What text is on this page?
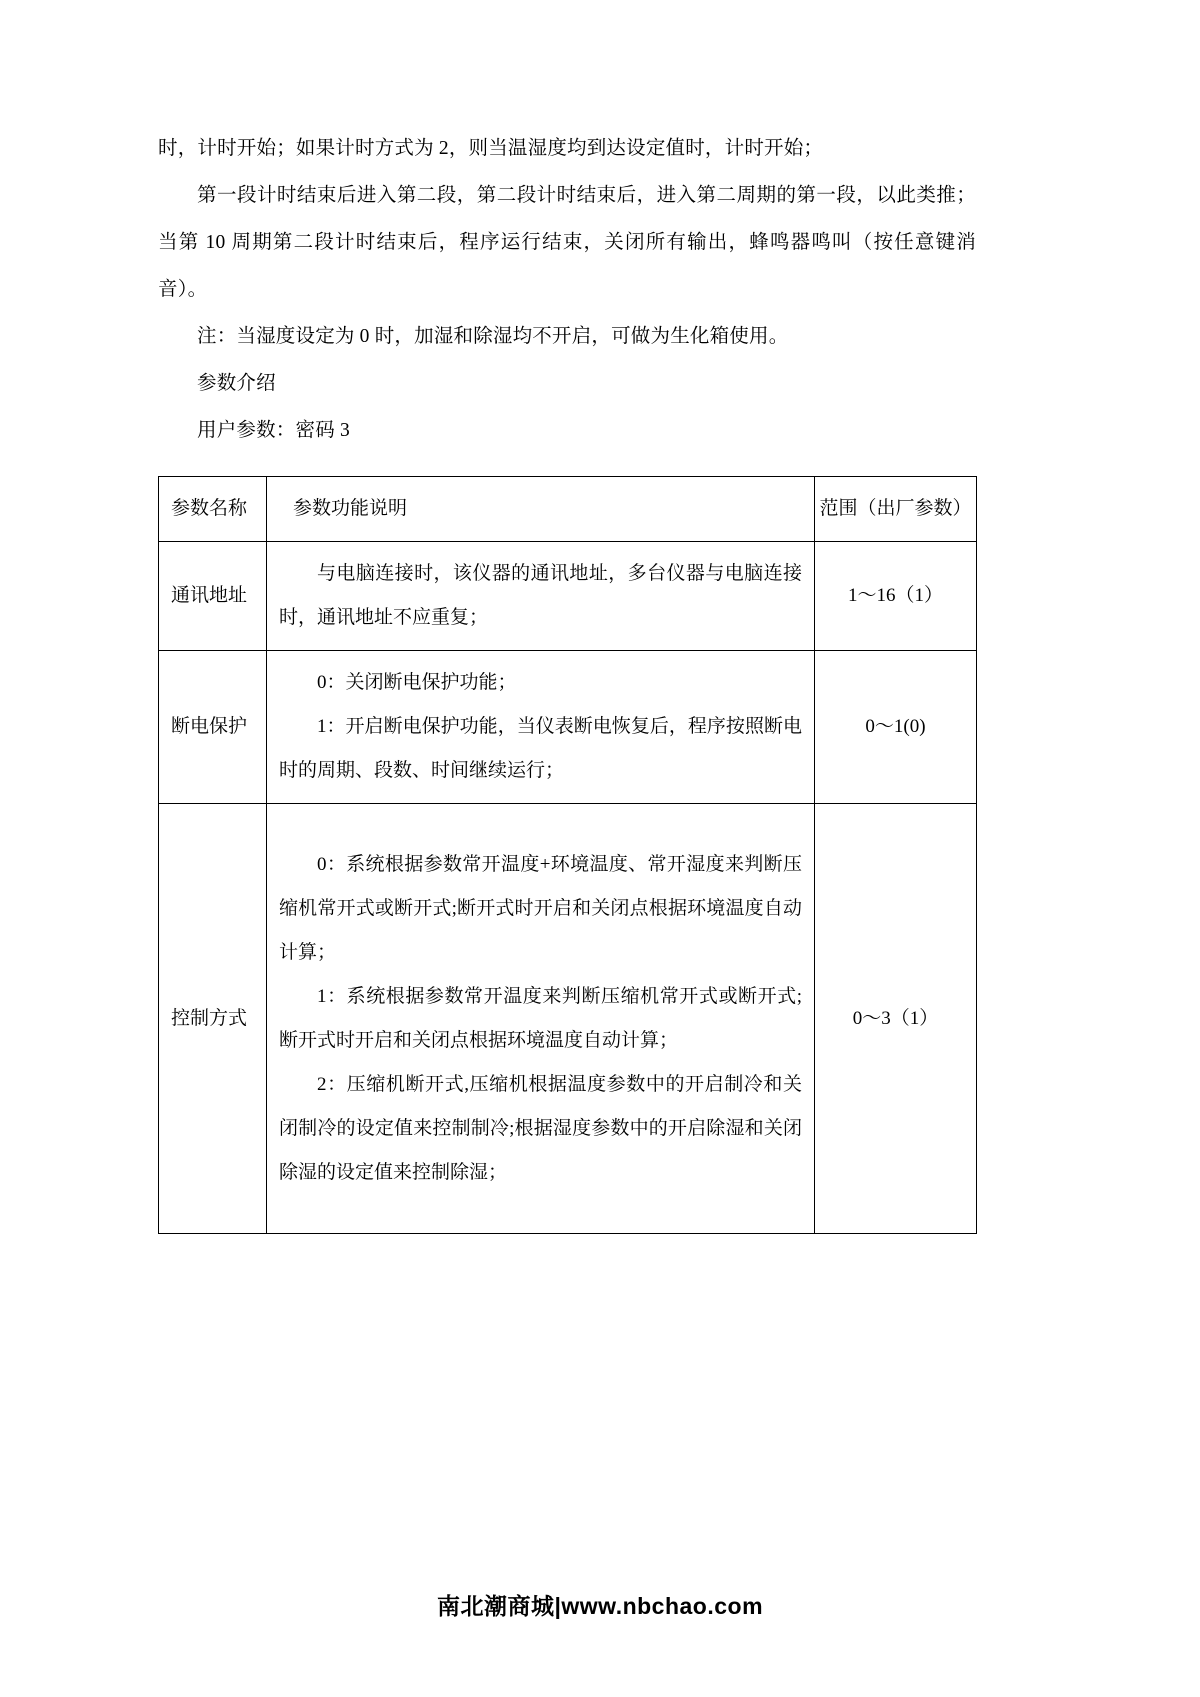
时，计时开始；如果计时方式为 2，则当温湿度均到达设定值时，计时开始；

第一段计时结束后进入第二段，第二段计时结束后，进入第二周期的第一段，以此类推；当第 10 周期第二段计时结束后，程序运行结束，关闭所有输出，蜂鸣器鸣叫（按任意键消音）。

注：当湿度设定为 0 时，加湿和除湿均不开启，可做为生化箱使用。

参数介绍

用户参数：密码 3

参数名称	参数功能说明	范围（出厂参数）
通讯地址	与电脑连接时，该仪器的通讯地址，多台仪器与电脑连接时，通讯地址不应重复；	1～16（1）
断电保护	0：关闭断电保护功能；
1：开启断电保护功能，当仪表断电恢复后，程序按照断电时的周期、段数、时间继续运行；	0～1(0)
控制方式	0：系统根据参数常开温度+环境温度、常开湿度来判断压缩机常开式或断开式;断开式时开启和关闭点根据环境温度自动计算；
1：系统根据参数常开温度来判断压缩机常开式或断开式;断开式时开启和关闭点根据环境温度自动计算；
2：压缩机断开式,压缩机根据温度参数中的开启制冷和关闭制冷的设定值来控制制冷;根据湿度参数中的开启除湿和关闭除湿的设定值来控制除湿；	0～3（1）
南北潮商城|www.nbchao.com
